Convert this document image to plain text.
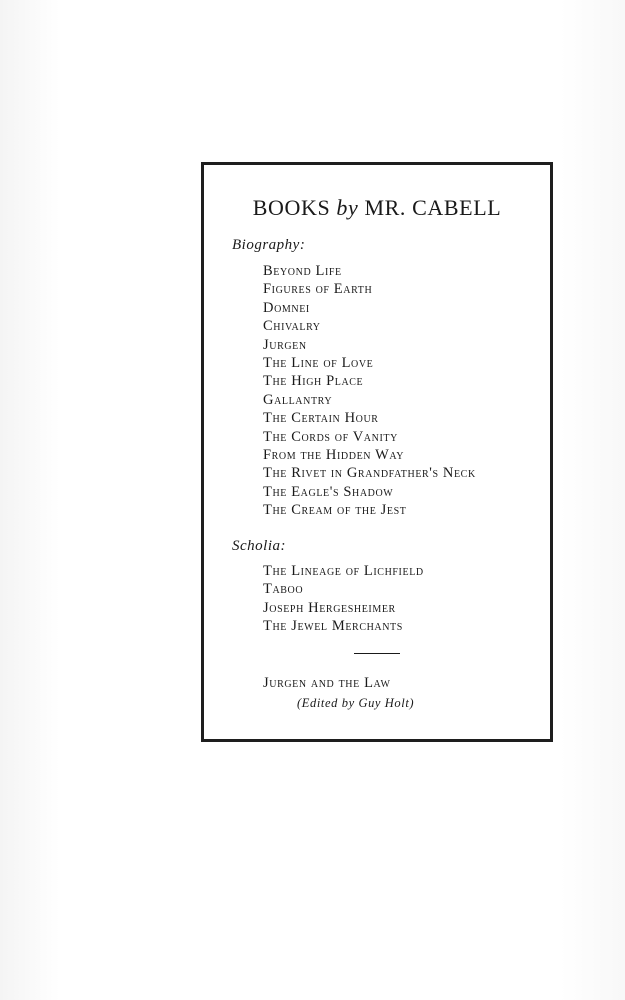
BOOKS by MR. CABELL
Biography:
Beyond Life
Figures of Earth
Domnei
Chivalry
Jurgen
The Line of Love
The High Place
Gallantry
The Certain Hour
The Cords of Vanity
From the Hidden Way
The Rivet in Grandfather's Neck
The Eagle's Shadow
The Cream of the Jest
Scholia:
The Lineage of Lichfield
Taboo
Joseph Hergesheimer
The Jewel Merchants
Jurgen and the Law
(Edited by Guy Holt)
